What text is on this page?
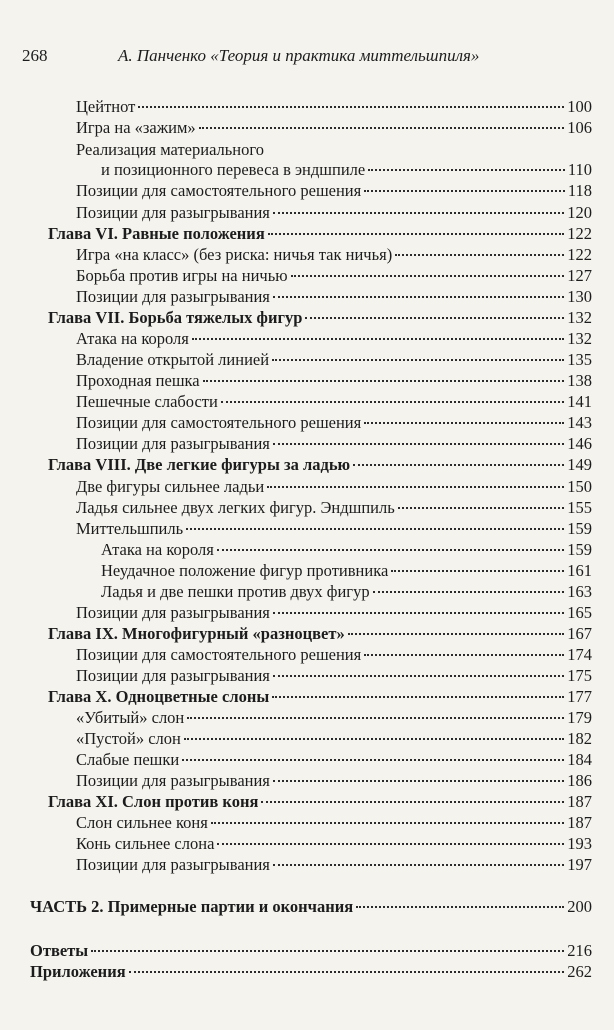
268	А. Панченко «Теория и практика миттельшпиля»
Цейтнот	100
Игра на «зажим»	106
Реализация материального
и позиционного перевеса в эндшпиле	110
Позиции для самостоятельного решения	118
Позиции для разыгрывания	120
Глава VI. Равные положения	122
Игра «на класс» (без риска: ничья так ничья)	122
Борьба против игры на ничью	127
Позиции для разыгрывания	130
Глава VII. Борьба тяжелых фигур	132
Атака на короля	132
Владение открытой линией	135
Проходная пешка	138
Пешечные слабости	141
Позиции для самостоятельного решения	143
Позиции для разыгрывания	146
Глава VIII. Две легкие фигуры за ладью	149
Две фигуры сильнее ладьи	150
Ладья сильнее двух легких фигур. Эндшпиль	155
Миттельшпиль	159
Атака на короля	159
Неудачное положение фигур противника	161
Ладья и две пешки против двух фигур	163
Позиции для разыгрывания	165
Глава IX. Многофигурный «разноцвет»	167
Позиции для самостоятельного решения	174
Позиции для разыгрывания	175
Глава X. Одноцветные слоны	177
«Убитый» слон	179
«Пустой» слон	182
Слабые пешки	184
Позиции для разыгрывания	186
Глава XI. Слон против коня	187
Слон сильнее коня	187
Конь сильнее слона	193
Позиции для разыгрывания	197
ЧАСТЬ 2. Примерные партии и окончания	200
Ответы	216
Приложения	262
